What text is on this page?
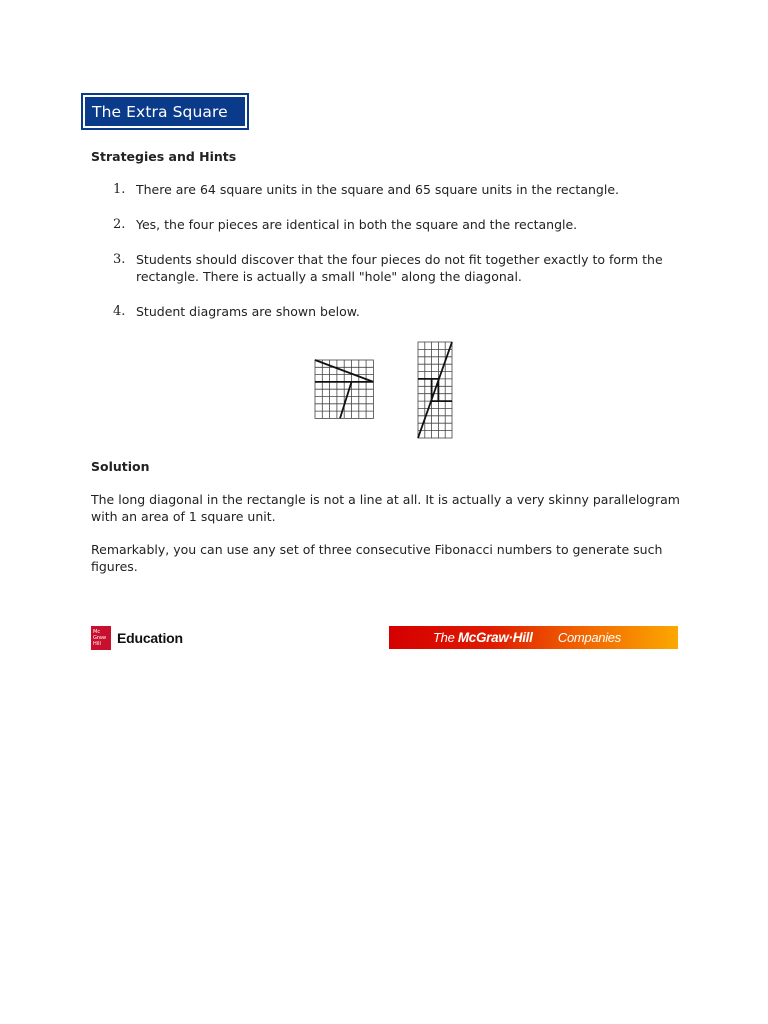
The Extra Square
Strategies and Hints
1. There are 64 square units in the square and 65 square units in the rectangle.
2. Yes, the four pieces are identical in both the square and the rectangle.
3. Students should discover that the four pieces do not fit together exactly to form the rectangle. There is actually a small "hole" along the diagonal.
4. Student diagrams are shown below.
Solution

The long diagonal in the rectangle is not a line at all. It is actually a very skinny parallelogram with an area of 1 square unit.

Remarkably, you can use any set of three consecutive Fibonacci numbers to generate such figures.

Mc
Graw
Hill	Education	The McGraw·Hill Companies
